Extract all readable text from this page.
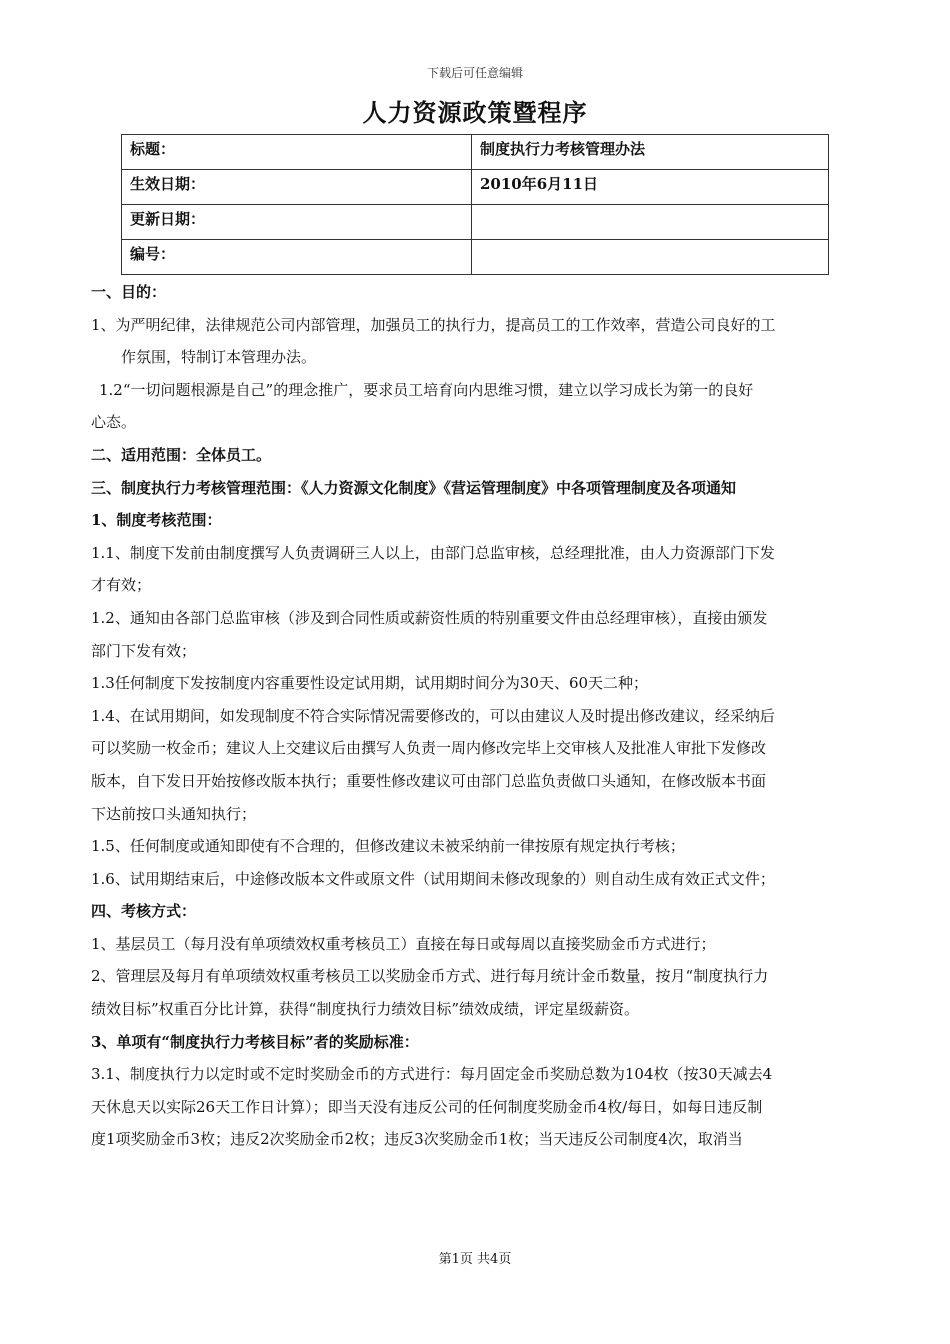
下载后可任意编辑
人力资源政策暨程序
标题：	制度执行力考核管理办法
生效日期：	2010年6月11日
更新日期：	
编号：	

一、目的：

1、为严明纪律，法律规范公司内部管理，加强员工的执行力，提高员工的工作效率，营造公司良好的工

作氛围，特制订本管理办法。

1.2“一切问题根源是自己”的理念推广，要求员工培育向内思维习惯，建立以学习成长为第一的良好

心态。

二、适用范围：全体员工。

三、制度执行力考核管理范围：《人力资源文化制度》《营运管理制度》中各项管理制度及各项通知

1、制度考核范围：

1.1、制度下发前由制度撰写人负责调研三人以上，由部门总监审核，总经理批准，由人力资源部门下发

才有效；

1.2、通知由各部门总监审核（涉及到合同性质或薪资性质的特别重要文件由总经理审核），直接由颁发

部门下发有效；

1.3任何制度下发按制度内容重要性设定试用期，试用期时间分为30天、60天二种；

1.4、在试用期间，如发现制度不符合实际情况需要修改的，可以由建议人及时提出修改建议，经采纳后

可以奖励一枚金币；建议人上交建议后由撰写人负责一周内修改完毕上交审核人及批准人审批下发修改

版本，自下发日开始按修改版本执行；重要性修改建议可由部门总监负责做口头通知，在修改版本书面

下达前按口头通知执行；

1.5、任何制度或通知即使有不合理的，但修改建议未被采纳前一律按原有规定执行考核；

1.6、试用期结束后，中途修改版本文件或原文件（试用期间未修改现象的）则自动生成有效正式文件；

四、考核方式：

1、基层员工（每月没有单项绩效权重考核员工）直接在每日或每周以直接奖励金币方式进行；

2、管理层及每月有单项绩效权重考核员工以奖励金币方式、进行每月统计金币数量，按月“制度执行力

绩效目标”权重百分比计算，获得“制度执行力绩效目标”绩效成绩，评定星级薪资。

3、单项有“制度执行力考核目标”者的奖励标准：

3.1、制度执行力以定时或不定时奖励金币的方式进行：每月固定金币奖励总数为104枚（按30天减去4

天休息天以实际26天工作日计算）；即当天没有违反公司的任何制度奖励金币4枚/每日，如每日违反制

度1项奖励金币3枚；违反2次奖励金币2枚；违反3次奖励金币1枚；当天违反公司制度4次，取消当

第1页 共4页
